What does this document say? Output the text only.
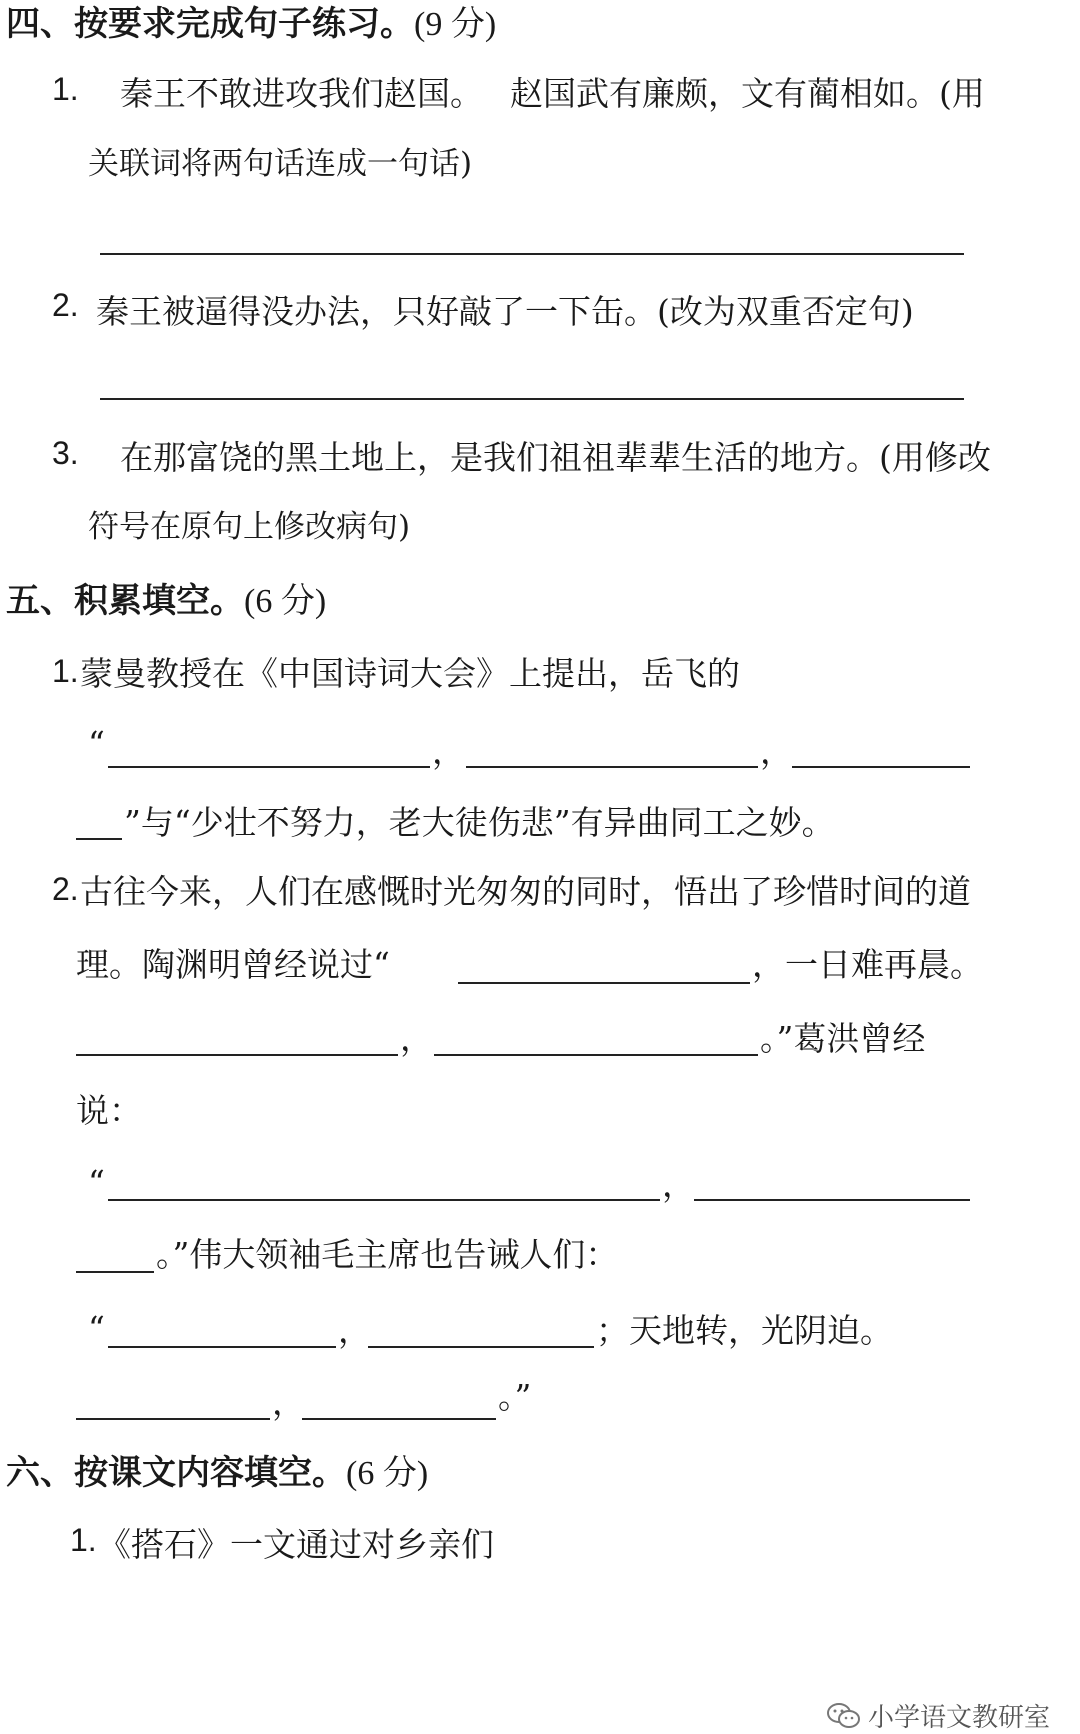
四、按要求完成句子练习。(9 分)
1. 秦王不敢进攻我们赵国。 赵国武有廉颇，文有蔺相如。(用
关联词将两句话连成一句话)
2. 秦王被逼得没办法，只好敲了一下缶。(改为双重否定句)
3. 在那富饶的黑土地上，是我们祖祖辈辈生活的地方。(用修改
符号在原句上修改病句)
五、积累填空。(6 分)
1. 蒙曼教授在《中国诗词大会》上提出，岳飞的
“	，	，
”与“少壮不努力，老大徒伤悲”有异曲同工之妙。
2. 古往今来，人们在感慨时光匆匆的同时，悟出了珍惜时间的道
理。陶渊明曾经说过“	，一日难再晨。
，	。”葛洪曾经
说：
“	，
。”伟大领袖毛主席也告诫人们：
“	，	；天地转，光阴迫。
，	。”
六、按课文内容填空。(6 分)
1. 《搭石》一文通过对乡亲们
小学语文教研室
